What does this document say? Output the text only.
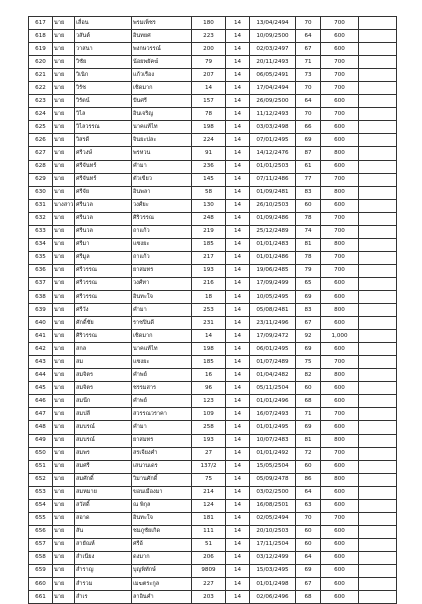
617	นาย	เลื่อน	พรมเพ็ชร	180	14	13/04/2494	70	700	
618	นาย	วสันต์	อินทยศ	223	14	10/09/2500	64	600	
619	นาย	วาสนา	พงกษวรรณ์	200	14	02/03/2497	67	600	
620	นาย	วิชัย	น้อยพยัคฆ์	79	14	20/11/2493	71	700	
621	นาย	วิเนิก	แก้วเรือง	207	14	06/05/2491	73	700	
622	นาย	วิรัช	เชิดมาก	14	14	17/04/2494	70	700	
623	นาย	วิรัตน์	ปันศรี	157	14	26/09/2500	64	600	
624	นาย	วิไล	อินเจริญ	78	14	11/12/2493	70	700	
625	นาย	วิไลวรรณ	นาคแท้ไท	198	14	03/03/2498	66	600	
626	นาย	วิสรดี	จินยะปละ	224	14	07/01/2495	69	600	
627	นาย	ศรีวงษ์	พรหวน	91	14	14/12/2476	87	800	
628	นาย	ศรีจันทร์	คำมา	236	14	01/01/2503	61	600	
629	นาย	ศรีจันทร์	ตัวเขียว	145	14	07/11/2486	77	700	
630	นาย	ศรีจัย	อินพลา	58	14	01/09/2481	83	800	
631	นางสาว	ศรีนวล	วงศ์ยะ	130	14	26/10/2503	60	600	
632	นาย	ศรีนวล	ศิริวรรณ	248	14	01/09/2486	78	700	
633	นาย	ศรีนวล	ถาแก้ว	219	14	25/12/2489	74	700	
634	นาย	ศรีมา	แซงยะ	185	14	01/01/2483	81	800	
635	นาย	ศรีมูล	ถาแก้ว	217	14	01/01/2486	78	700	
636	นาย	ศรีวรรณ	ยาสมทร	193	14	19/06/2485	79	700	
637	นาย	ศรีวรรณ	วงศ์ทา	216	14	17/09/2499	65	600	
638	นาย	ศรีวรรณ	อินทะใจ	18	14	10/05/2495	69	600	
639	นาย	ศรีวัง	คำมา	253	14	05/08/2481	83	800	
640	นาย	ศักดิ์ชัย	ราชปินดี	231	14	23/11/2496	67	600	
641	นาย	ศิริวรรณ	เชิดมาก	14	14	17/09/2472	92	1,000	
642	นาย	สกล	นาคแท้ไท	198	14	06/01/2495	69	600	
643	นาย	สม	แซงยะ	185	14	01/07/2489	75	700	
644	นาย	สมจิตร	คำพย์	16	14	01/04/2482	82	800	
645	นาย	สมจิตร	ชรรมสาร	96	14	05/11/2504	60	600	
646	นาย	สมนึก	คำพย์	123	14	01/01/2496	68	600	
647	นาย	สมปลี	สวรรณวราคา	109	14	16/07/2493	71	700	
648	นาย	สมบรณ์	คำมา	258	14	01/01/2495	69	600	
649	นาย	สมบรณ์	ยาสมทร	193	14	10/07/2483	81	800	
650	นาย	สมพร	สรเจียงคำ	27	14	01/01/2492	72	700	
651	นาย	สมศรี	เสนานเดร	137/2	14	15/05/2504	60	600	
652	นาย	สมศักดิ์	วิมานศักดิ์	75	14	05/09/2478	86	800	
653	นาย	สมหมาย	ขอนเมืองมา	214	14	03/02/2500	64	600	
654	นาย	สวัสดิ์	ณ พิกุล	124	14	16/08/2501	63	600	
655	นาย	สอาด	อินทะใจ	181	14	02/05/2494	70	700	
656	นาย	สัน	ชมภูชัยเกิด	111	14	20/10/2503	60	600	
657	นาย	สายัณห์	ศรีอ้	51	14	17/11/2504	60	600	
658	นาย	สำเนียง	ดงมาก	206	14	03/12/2499	64	600	
659	นาย	สำราญ	บุญพิทักษ์	9809	14	15/03/2495	69	600	
660	นาย	สำรวม	เมฆตระกูล	227	14	01/01/2498	67	600	
661	นาย	สำเร	ลาอินคำ	203	14	02/06/2496	68	600	
